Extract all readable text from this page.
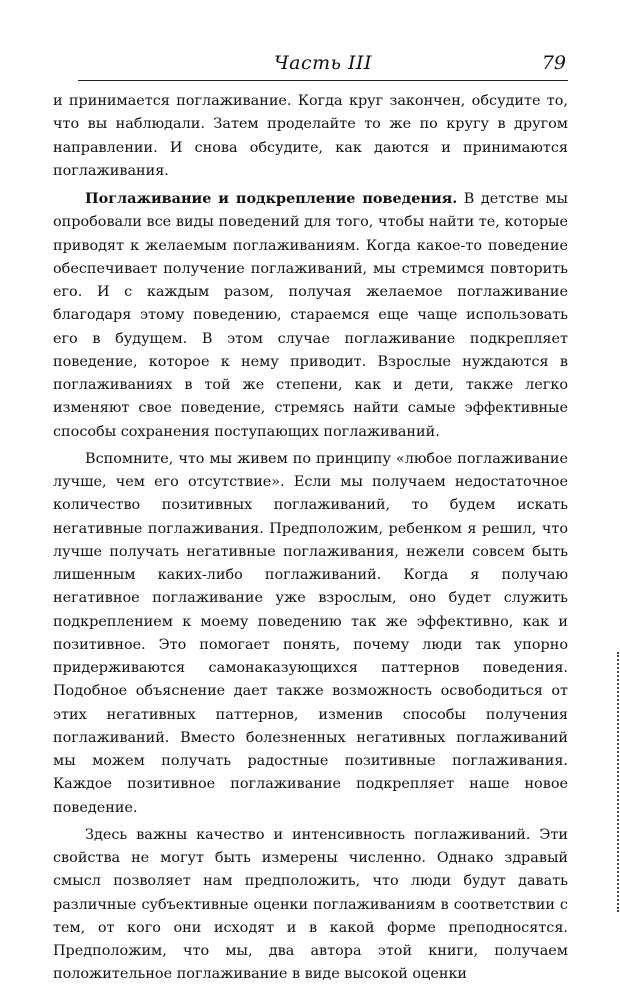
Часть III	79

и принимается поглаживание. Когда круг закончен, обсудите то, что вы наблюдали. Затем проделайте то же по кругу в другом направлении. И снова обсудите, как даются и принимаются поглаживания.

Поглаживание и подкрепление поведения. В детстве мы опробовали все виды поведений для того, чтобы найти те, которые приводят к желаемым поглаживаниям. Когда какое-то поведение обеспечивает получение поглаживаний, мы стремимся повторить его. И с каждым разом, получая желаемое поглаживание благодаря этому поведению, стараемся еще чаще использовать его в будущем. В этом случае поглаживание подкрепляет поведение, которое к нему приводит. Взрослые нуждаются в поглаживаниях в той же степени, как и дети, также легко изменяют свое поведение, стремясь найти самые эффективные способы сохранения поступающих поглаживаний.

Вспомните, что мы живем по принципу «любое поглаживание лучше, чем его отсутствие». Если мы получаем недостаточное количество позитивных поглаживаний, то будем искать негативные поглаживания. Предположим, ребенком я решил, что лучше получать негативные поглаживания, нежели совсем быть лишенным каких-либо поглаживаний. Когда я получаю негативное поглаживание уже взрослым, оно будет служить подкреплением к моему поведению так же эффективно, как и позитивное. Это помогает понять, почему люди так упорно придерживаются самонаказующихся паттернов поведения. Подобное объяснение дает также возможность освободиться от этих негативных паттернов, изменив способы получения поглаживаний. Вместо болезненных негативных поглаживаний мы можем получать радостные позитивные поглаживания. Каждое позитивное поглаживание подкрепляет наше новое поведение.

Здесь важны качество и интенсивность поглаживаний. Эти свойства не могут быть измерены численно. Однако здравый смысл позволяет нам предположить, что люди будут давать различные субъективные оценки поглаживаниям в соответствии с тем, от кого они исходят и в какой форме преподносятся. Предположим, что мы, два автора этой книги, получаем положительное поглаживание в виде высокой оценки
